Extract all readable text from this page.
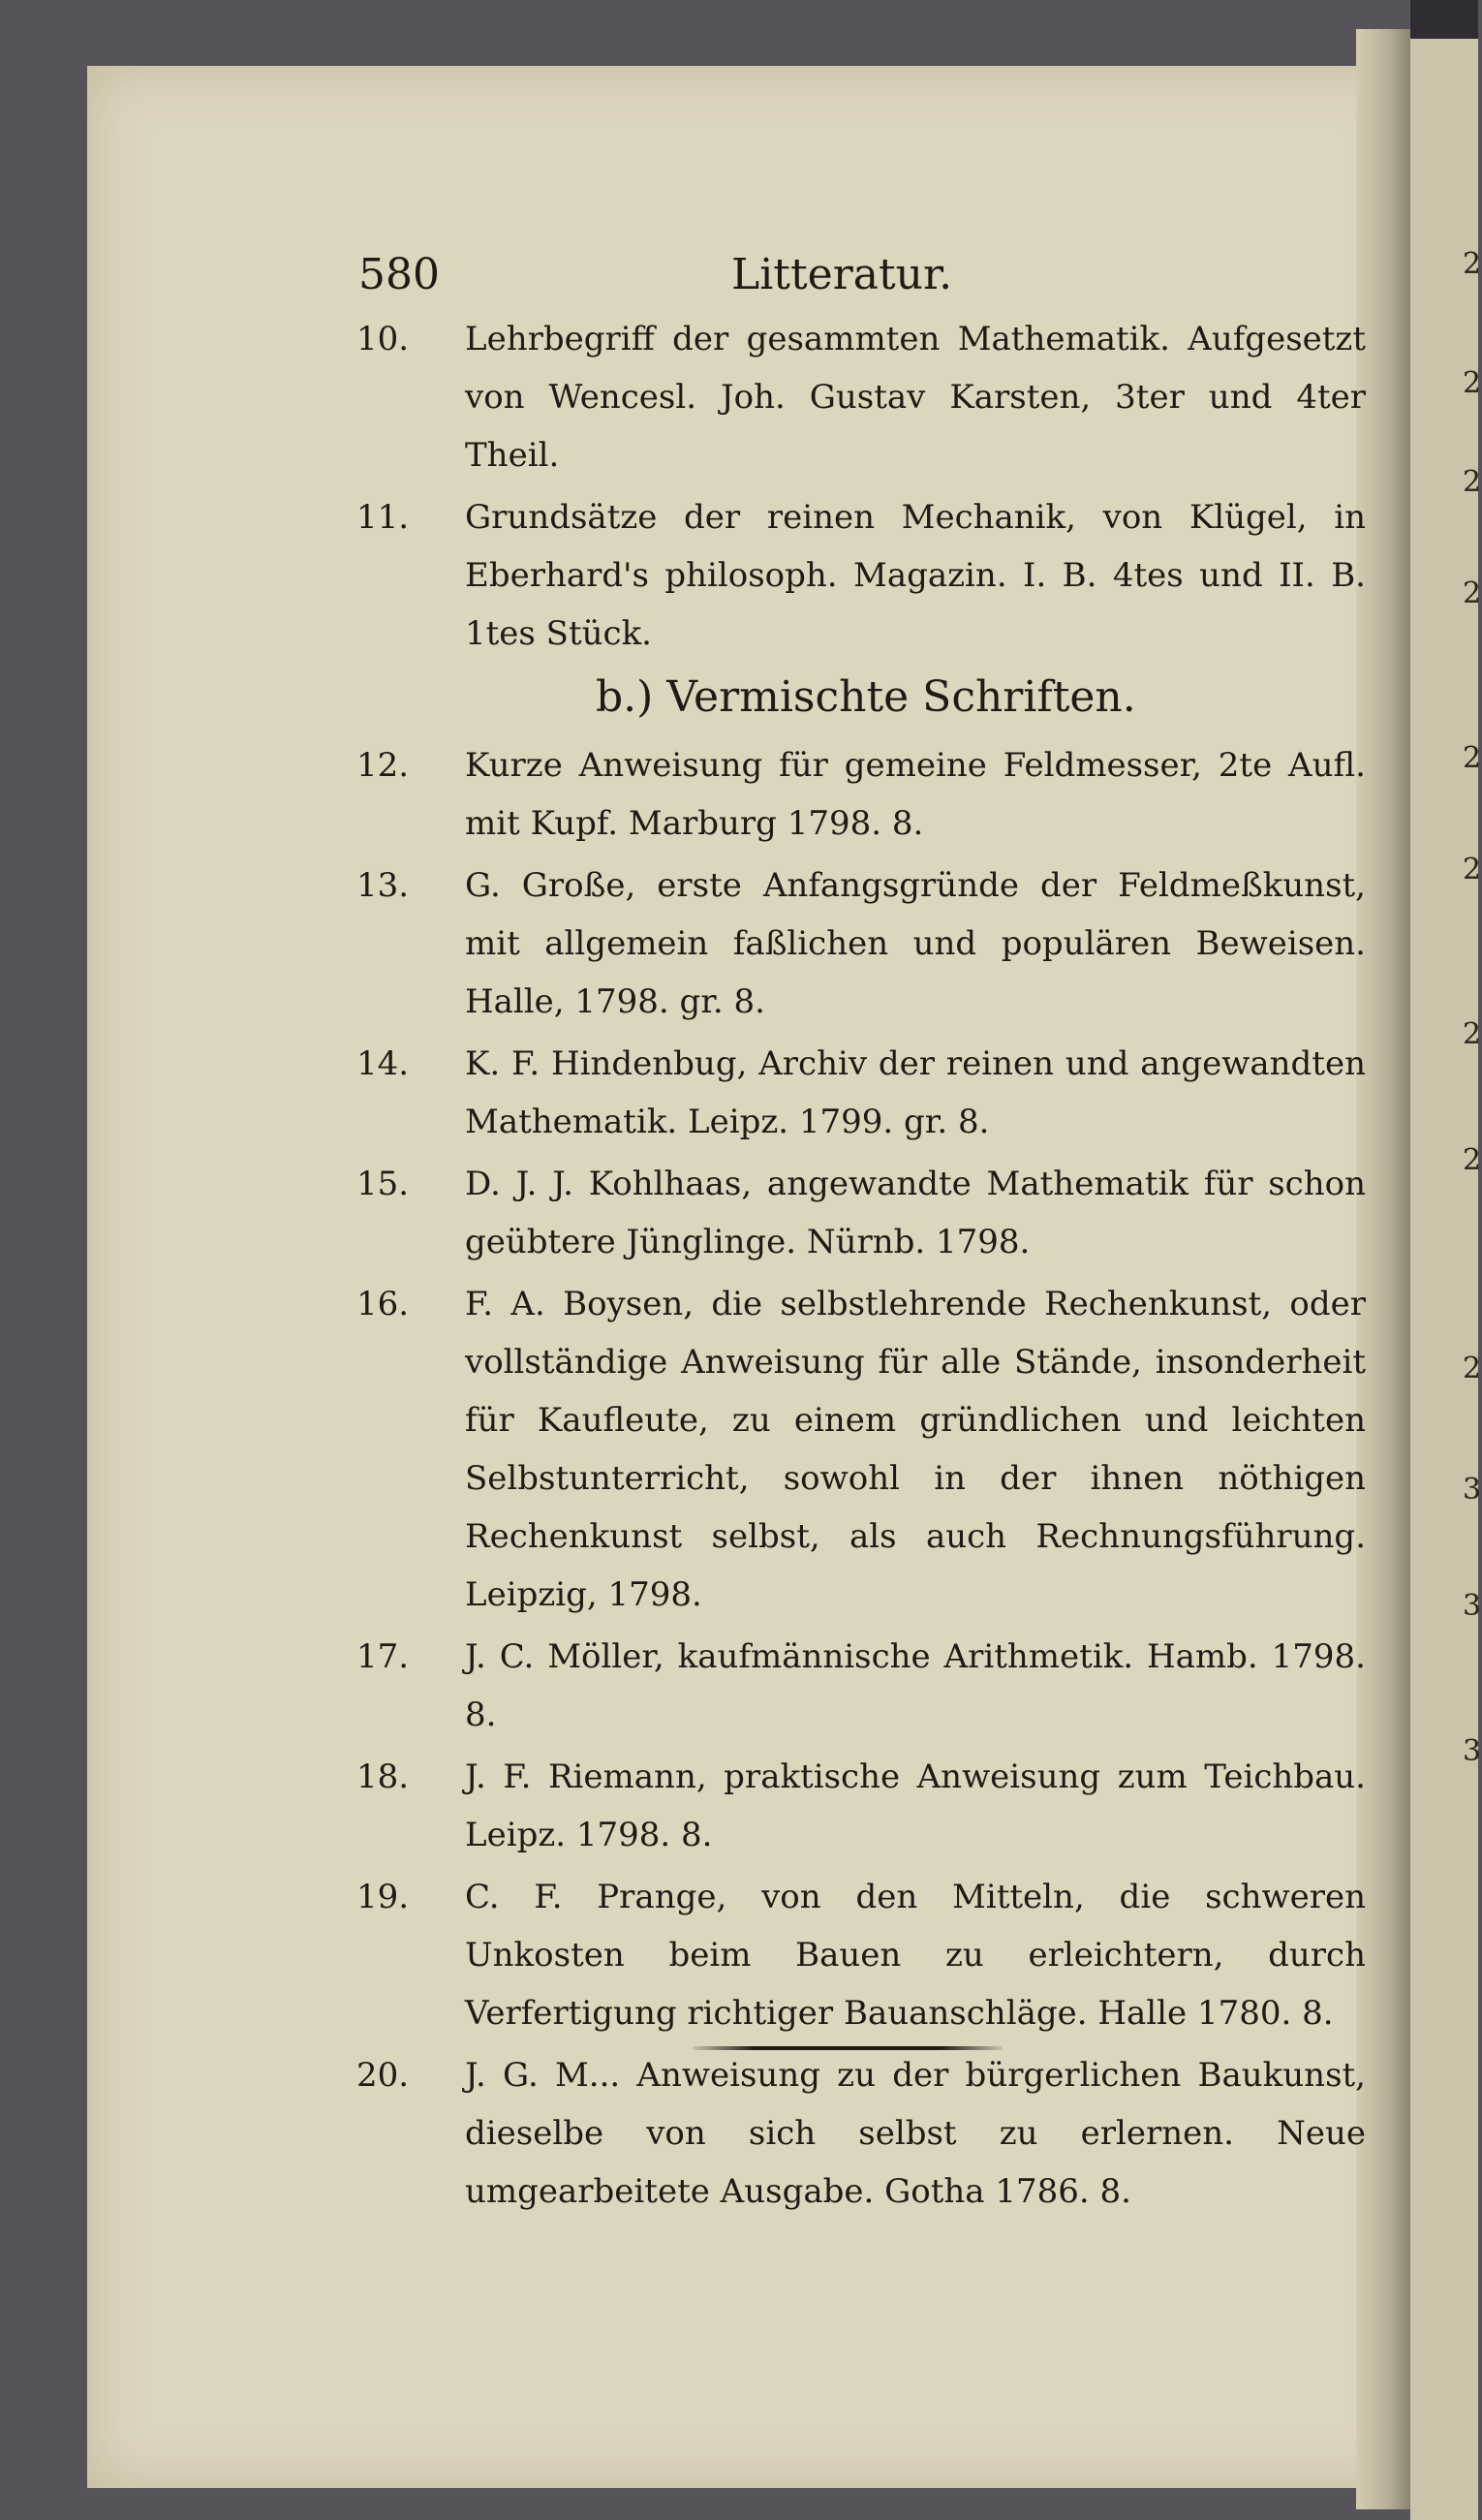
2
2
2
2
2
2
2
2
2
3
3
3
580	Litteratur.
10.	Lehrbegriff der gesammten Mathematik. Aufgesetzt von Wencesl. Joh. Gustav Karsten, 3ter und 4ter Theil.
11.	Grundsätze der reinen Mechanik, von Klügel, in Eberhard's philosoph. Magazin. I. B. 4tes und II. B. 1tes Stück.
b.) Vermischte Schriften.
12.	Kurze Anweisung für gemeine Feldmesser, 2te Aufl. mit Kupf. Marburg 1798. 8.
13.	G. Große, erste Anfangsgründe der Feldmeßkunst, mit allgemein faßlichen und populären Beweisen. Halle, 1798. gr. 8.
14.	K. F. Hindenbug, Archiv der reinen und angewandten Mathematik. Leipz. 1799. gr. 8.
15.	D. J. J. Kohlhaas, angewandte Mathematik für schon geübtere Jünglinge. Nürnb. 1798.
16.	F. A. Boysen, die selbstlehrende Rechenkunst, oder vollständige Anweisung für alle Stände, insonderheit für Kaufleute, zu einem gründlichen und leichten Selbstunterricht, sowohl in der ihnen nöthigen Rechenkunst selbst, als auch Rechnungsführung. Leipzig, 1798.
17.	J. C. Möller, kaufmännische Arithmetik. Hamb. 1798. 8.
18.	J. F. Riemann, praktische Anweisung zum Teichbau. Leipz. 1798. 8.
19.	C. F. Prange, von den Mitteln, die schweren Unkosten beim Bauen zu erleichtern, durch Verfertigung richtiger Bauanschläge. Halle 1780. 8.
20.	J. G. M... Anweisung zu der bürgerlichen Baukunst, dieselbe von sich selbst zu erlernen. Neue umgearbeitete Ausgabe. Gotha 1786. 8.
